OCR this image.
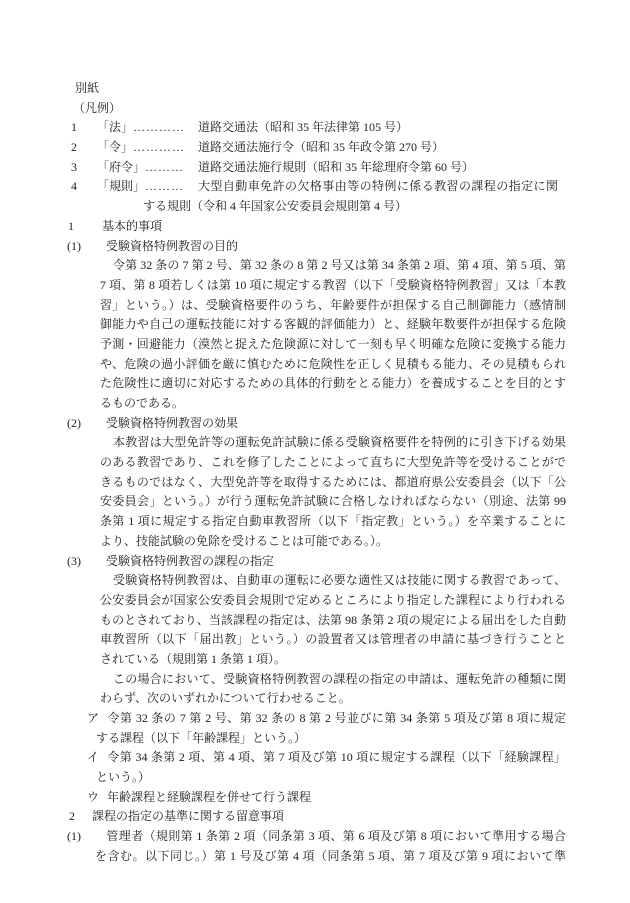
別紙
（凡例）
1 「法」………… 道路交通法（昭和 35 年法律第 105 号）
2 「令」………… 道路交通法施行令（昭和 35 年政令第 270 号）
3 「府令」……… 道路交通法施行規則（昭和 35 年総理府令第 60 号）
4 「規則」……… 大型自動車免許の欠格事由等の特例に係る教習の課程の指定に関
する規則（令和 4 年国家公安委員会規則第 4 号）
1 基本的事項
(1) 受験資格特例教習の目的
令第 32 条の 7 第 2 号、第 32 条の 8 第 2 号又は第 34 条第 2 項、第 4 項、第 5 項、第
7 項、第 8 項若しくは第 10 項に規定する教習（以下「受験資格特例教習」又は「本教
習」という。）は、受験資格要件のうち、年齢要件が担保する自己制御能力（感情制
御能力や自己の運転技能に対する客観的評価能力）と、経験年数要件が担保する危険
予測・回避能力（漠然と捉えた危険源に対して一刻も早く明確な危険に変換する能力
や、危険の過小評価を厳に慎むために危険性を正しく見積もる能力、その見積もられ
た危険性に適切に対応するための具体的行動をとる能力）を養成することを目的とす
るものである。
(2) 受験資格特例教習の効果
本教習は大型免許等の運転免許試験に係る受験資格要件を特例的に引き下げる効果
のある教習であり、これを修了したことによって直ちに大型免許等を受けることがで
きるものではなく、大型免許等を取得するためには、都道府県公安委員会（以下「公
安委員会」という。）が行う運転免許試験に合格しなければならない（別途、法第 99
条第 1 項に規定する指定自動車教習所（以下「指定教」という。）を卒業することに
より、技能試験の免除を受けることは可能である。）。
(3) 受験資格特例教習の課程の指定
受験資格特例教習は、自動車の運転に必要な適性又は技能に関する教習であって、
公安委員会が国家公安委員会規則で定めるところにより指定した課程により行われる
ものとされており、当該課程の指定は、法第 98 条第 2 項の規定による届出をした自動
車教習所（以下「届出教」という。）の設置者又は管理者の申請に基づき行うことと
されている（規則第 1 条第 1 項）。
この場合において、受験資格特例教習の課程の指定の申請は、運転免許の種類に関
わらず、次のいずれかについて行わせること。
ア 令第 32 条の 7 第 2 号、第 32 条の 8 第 2 号並びに第 34 条第 5 項及び第 8 項に規定
する課程（以下「年齢課程」という。）
イ 令第 34 条第 2 項、第 4 項、第 7 項及び第 10 項に規定する課程（以下「経験課程」
という。）
ウ 年齢課程と経験課程を併せて行う課程
2 課程の指定の基準に関する留意事項
(1) 管理者（規則第 1 条第 2 項（同条第 3 項、第 6 項及び第 8 項において準用する場合
を含む。以下同じ。）第 1 号及び第 4 項（同条第 5 項、第 7 項及び第 9 項において準
